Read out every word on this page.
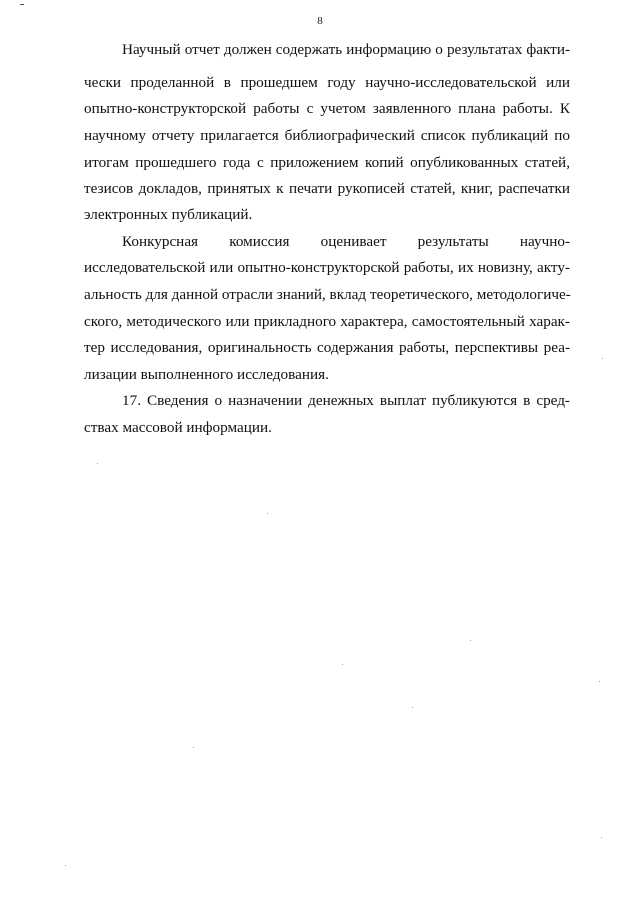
8
Научный отчет должен содержать информацию о результатах факти-
чески проделанной в прошедшем году научно-исследовательской или
опытно-конструкторской работы с учетом заявленного плана работы. К
научному отчету прилагается библиографический список публикаций по
итогам прошедшего года с приложением копий опубликованных статей,
тезисов докладов, принятых к печати рукописей статей, книг, распечатки
электронных публикаций.
Конкурсная комиссия оценивает результаты научно-
исследовательской или опытно-конструкторской работы, их новизну, акту-
альность для данной отрасли знаний, вклад теоретического, методологиче-
ского, методического или прикладного характера, самостоятельный харак-
тер исследования, оригинальность содержания работы, перспективы реа-
лизации выполненного исследования.
17. Сведения о назначении денежных выплат публикуются в сред-
ствах массовой информации.
